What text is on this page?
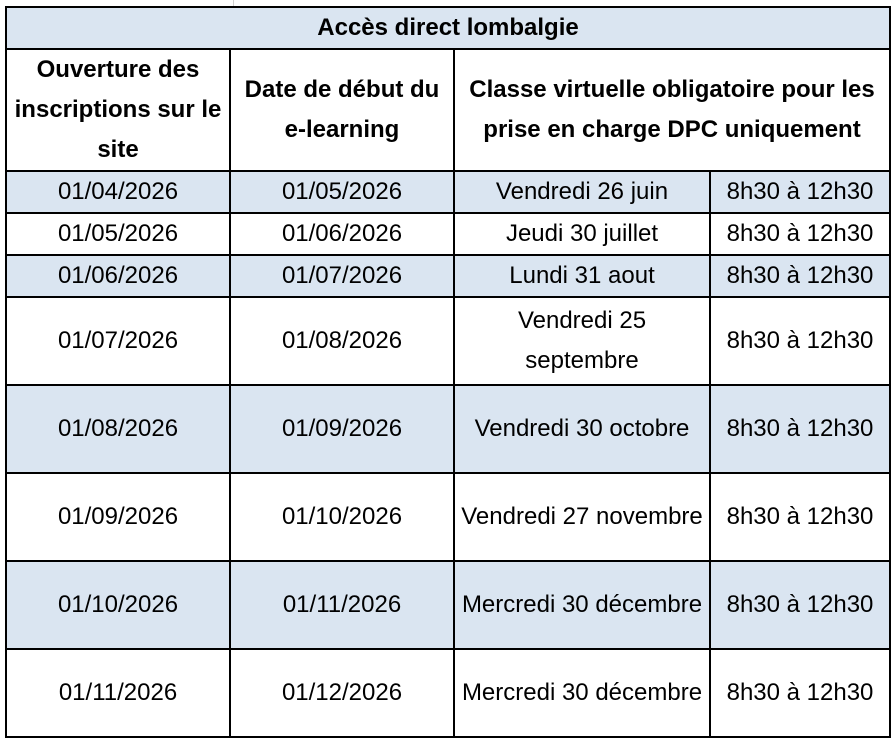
Accès direct lombalgie			
Ouverture des inscriptions sur le site	Date de début du e-learning	Classe virtuelle obligatoire pour les prise en charge DPC uniquement	
01/04/2026	01/05/2026	Vendredi 26 juin	8h30 à 12h30
01/05/2026	01/06/2026	Jeudi 30 juillet	8h30 à 12h30
01/06/2026	01/07/2026	Lundi 31 aout	8h30 à 12h30
01/07/2026	01/08/2026	Vendredi 25 septembre	8h30 à 12h30
01/08/2026	01/09/2026	Vendredi 30 octobre	8h30 à 12h30
01/09/2026	01/10/2026	Vendredi 27 novembre	8h30 à 12h30
01/10/2026	01/11/2026	Mercredi 30 décembre	8h30 à 12h30
01/11/2026	01/12/2026	Mercredi 30 décembre	8h30 à 12h30
